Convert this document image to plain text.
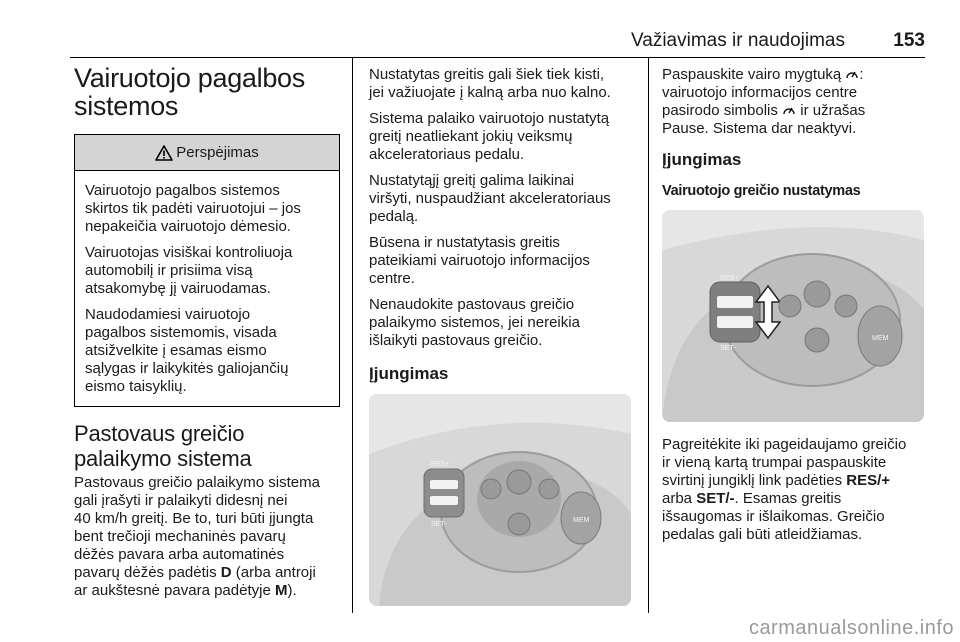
Važiavimas ir naudojimas	153
Vairuotojo pagalbos
sistemos
Perspėjimas

Vairuotojo pagalbos sistemos
skirtos tik padėti vairuotojui – jos
nepakeičia vairuotojo dėmesio.

Vairuotojas visiškai kontroliuoja
automobilį ir prisiima visą
atsakomybę jį vairuodamas.

Naudodamiesi vairuotojo
pagalbos sistemomis, visada
atsižvelkite į esamas eismo
sąlygas ir laikykitės galiojančių
eismo taisyklių.

Pastovaus greičio
palaikymo sistema

Pastovaus greičio palaikymo sistema
gali įrašyti ir palaikyti didesnį nei
40 km/h greitį. Be to, turi būti įjungta
bent trečioji mechaninės pavarų
dėžės pavara arba automatinės
pavarų dėžės padėtis D (arba antroji
ar aukštesnė pavara padėtyje M).

Nustatytas greitis gali šiek tiek kisti,
jei važiuojate į kalną arba nuo kalno.

Sistema palaiko vairuotojo nustatytą
greitį neatliekant jokių veiksmų
akceleratoriaus pedalu.

Nustatytąjį greitį galima laikinai
viršyti, nuspaudžiant akceleratoriaus
pedalą.

Būsena ir nustatytasis greitis
pateikiami vairuotojo informacijos
centre.

Nenaudokite pastovaus greičio
palaikymo sistemos, jei nereikia
išlaikyti pastovaus greičio.

Įjungimas
RES+
SET-
MEM

Paspauskite vairo mygtuką :
vairuotojo informacijos centre
pasirodo simbolis  ir užrašas
Pause. Sistema dar neaktyvi.

Įjungimas
Vairuotojo greičio nustatymas
RES+
SET-
MEM

Pagreitėkite iki pageidaujamo greičio
ir vieną kartą trumpai paspauskite
svirtinį jungiklį link padėties RES/+
arba SET/-. Esamas greitis
išsaugomas ir išlaikomas. Greičio
pedalas gali būti atleidžiamas.

carmanualsonline.info
